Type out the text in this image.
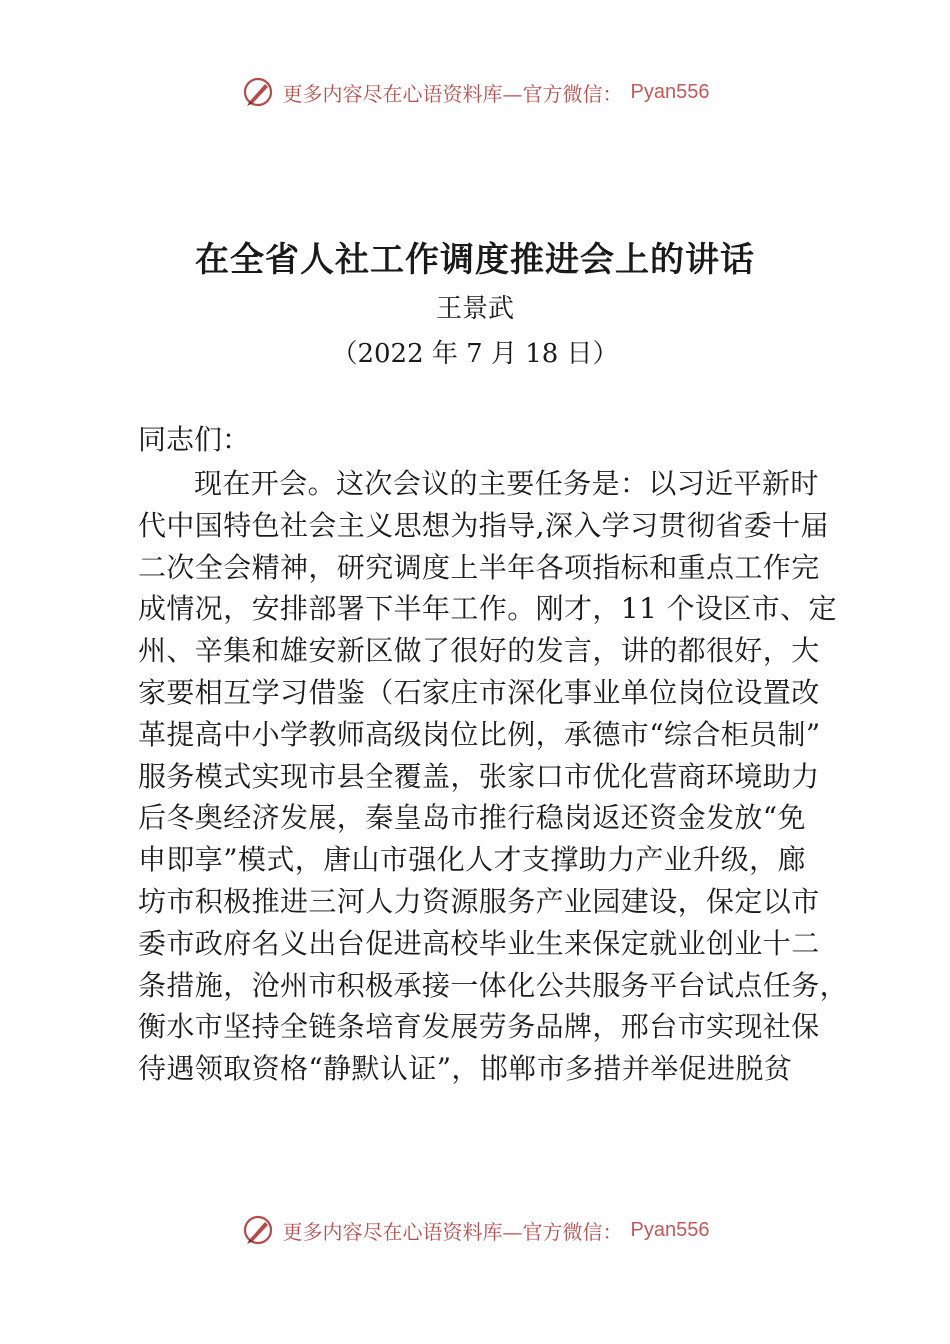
更多内容尽在心语资料库—官方微信： Pyan556
在全省人社工作调度推进会上的讲话
王景武
（2022 年 7 月 18 日）
同志们：
现在开会。这次会议的主要任务是：以习近平新时
代中国特色社会主义思想为指导,深入学习贯彻省委十届
二次全会精神，研究调度上半年各项指标和重点工作完
成情况，安排部署下半年工作。刚才，11 个设区市、定
州、辛集和雄安新区做了很好的发言，讲的都很好，大
家要相互学习借鉴（石家庄市深化事业单位岗位设置改
革提高中小学教师高级岗位比例，承德市“综合柜员制”
服务模式实现市县全覆盖，张家口市优化营商环境助力
后冬奥经济发展，秦皇岛市推行稳岗返还资金发放“免
申即享”模式，唐山市强化人才支撑助力产业升级，廊
坊市积极推进三河人力资源服务产业园建设，保定以市
委市政府名义出台促进高校毕业生来保定就业创业十二
条措施，沧州市积极承接一体化公共服务平台试点任务，
衡水市坚持全链条培育发展劳务品牌，邢台市实现社保
待遇领取资格“静默认证”，邯郸市多措并举促进脱贫
更多内容尽在心语资料库—官方微信： Pyan556
